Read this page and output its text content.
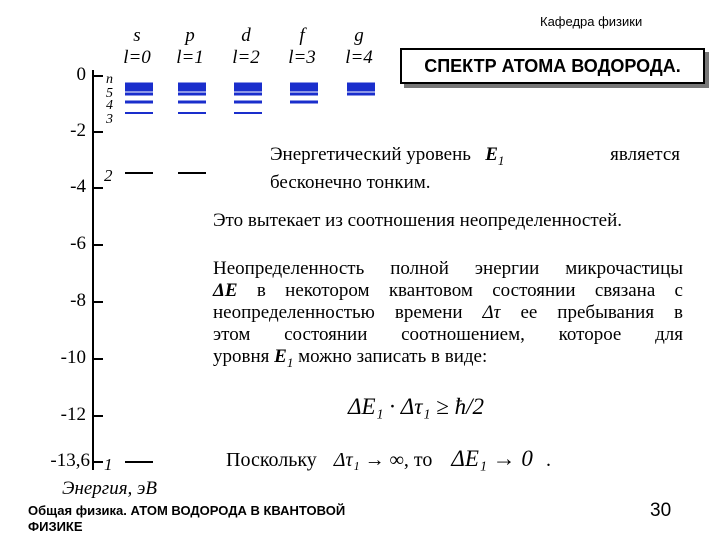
Кафедра физики
СПЕКТР АТОМА ВОДОРОДА.
s
l=0
p
l=1
d
l=2
f
l=3
g
l=4
0
-2
-4
-6
-8
-10
-12
-13,6
n
5
4
3
2
1
Энергия, эВ
Энергетический уровень $E_1$	является
бесконечно тонким.
Это вытекает из соотношения неопределенностей.
Неопределенность полной энергии микрочастицы
ΔE в некотором квантовом состоянии связана с
неопределенностью времени Δτ ее пребывания в
этом состоянии соотношением, которое для
уровня $E_1$ можно записать в виде:
ΔE₁ · Δτ₁ ≥ ħ/2
Поскольку Δτ₁ → ∞, то ΔE₁ → 0 .
Общая физика. АТОМ ВОДОРОДА В КВАНТОВОЙ ФИЗИКЕ
30
